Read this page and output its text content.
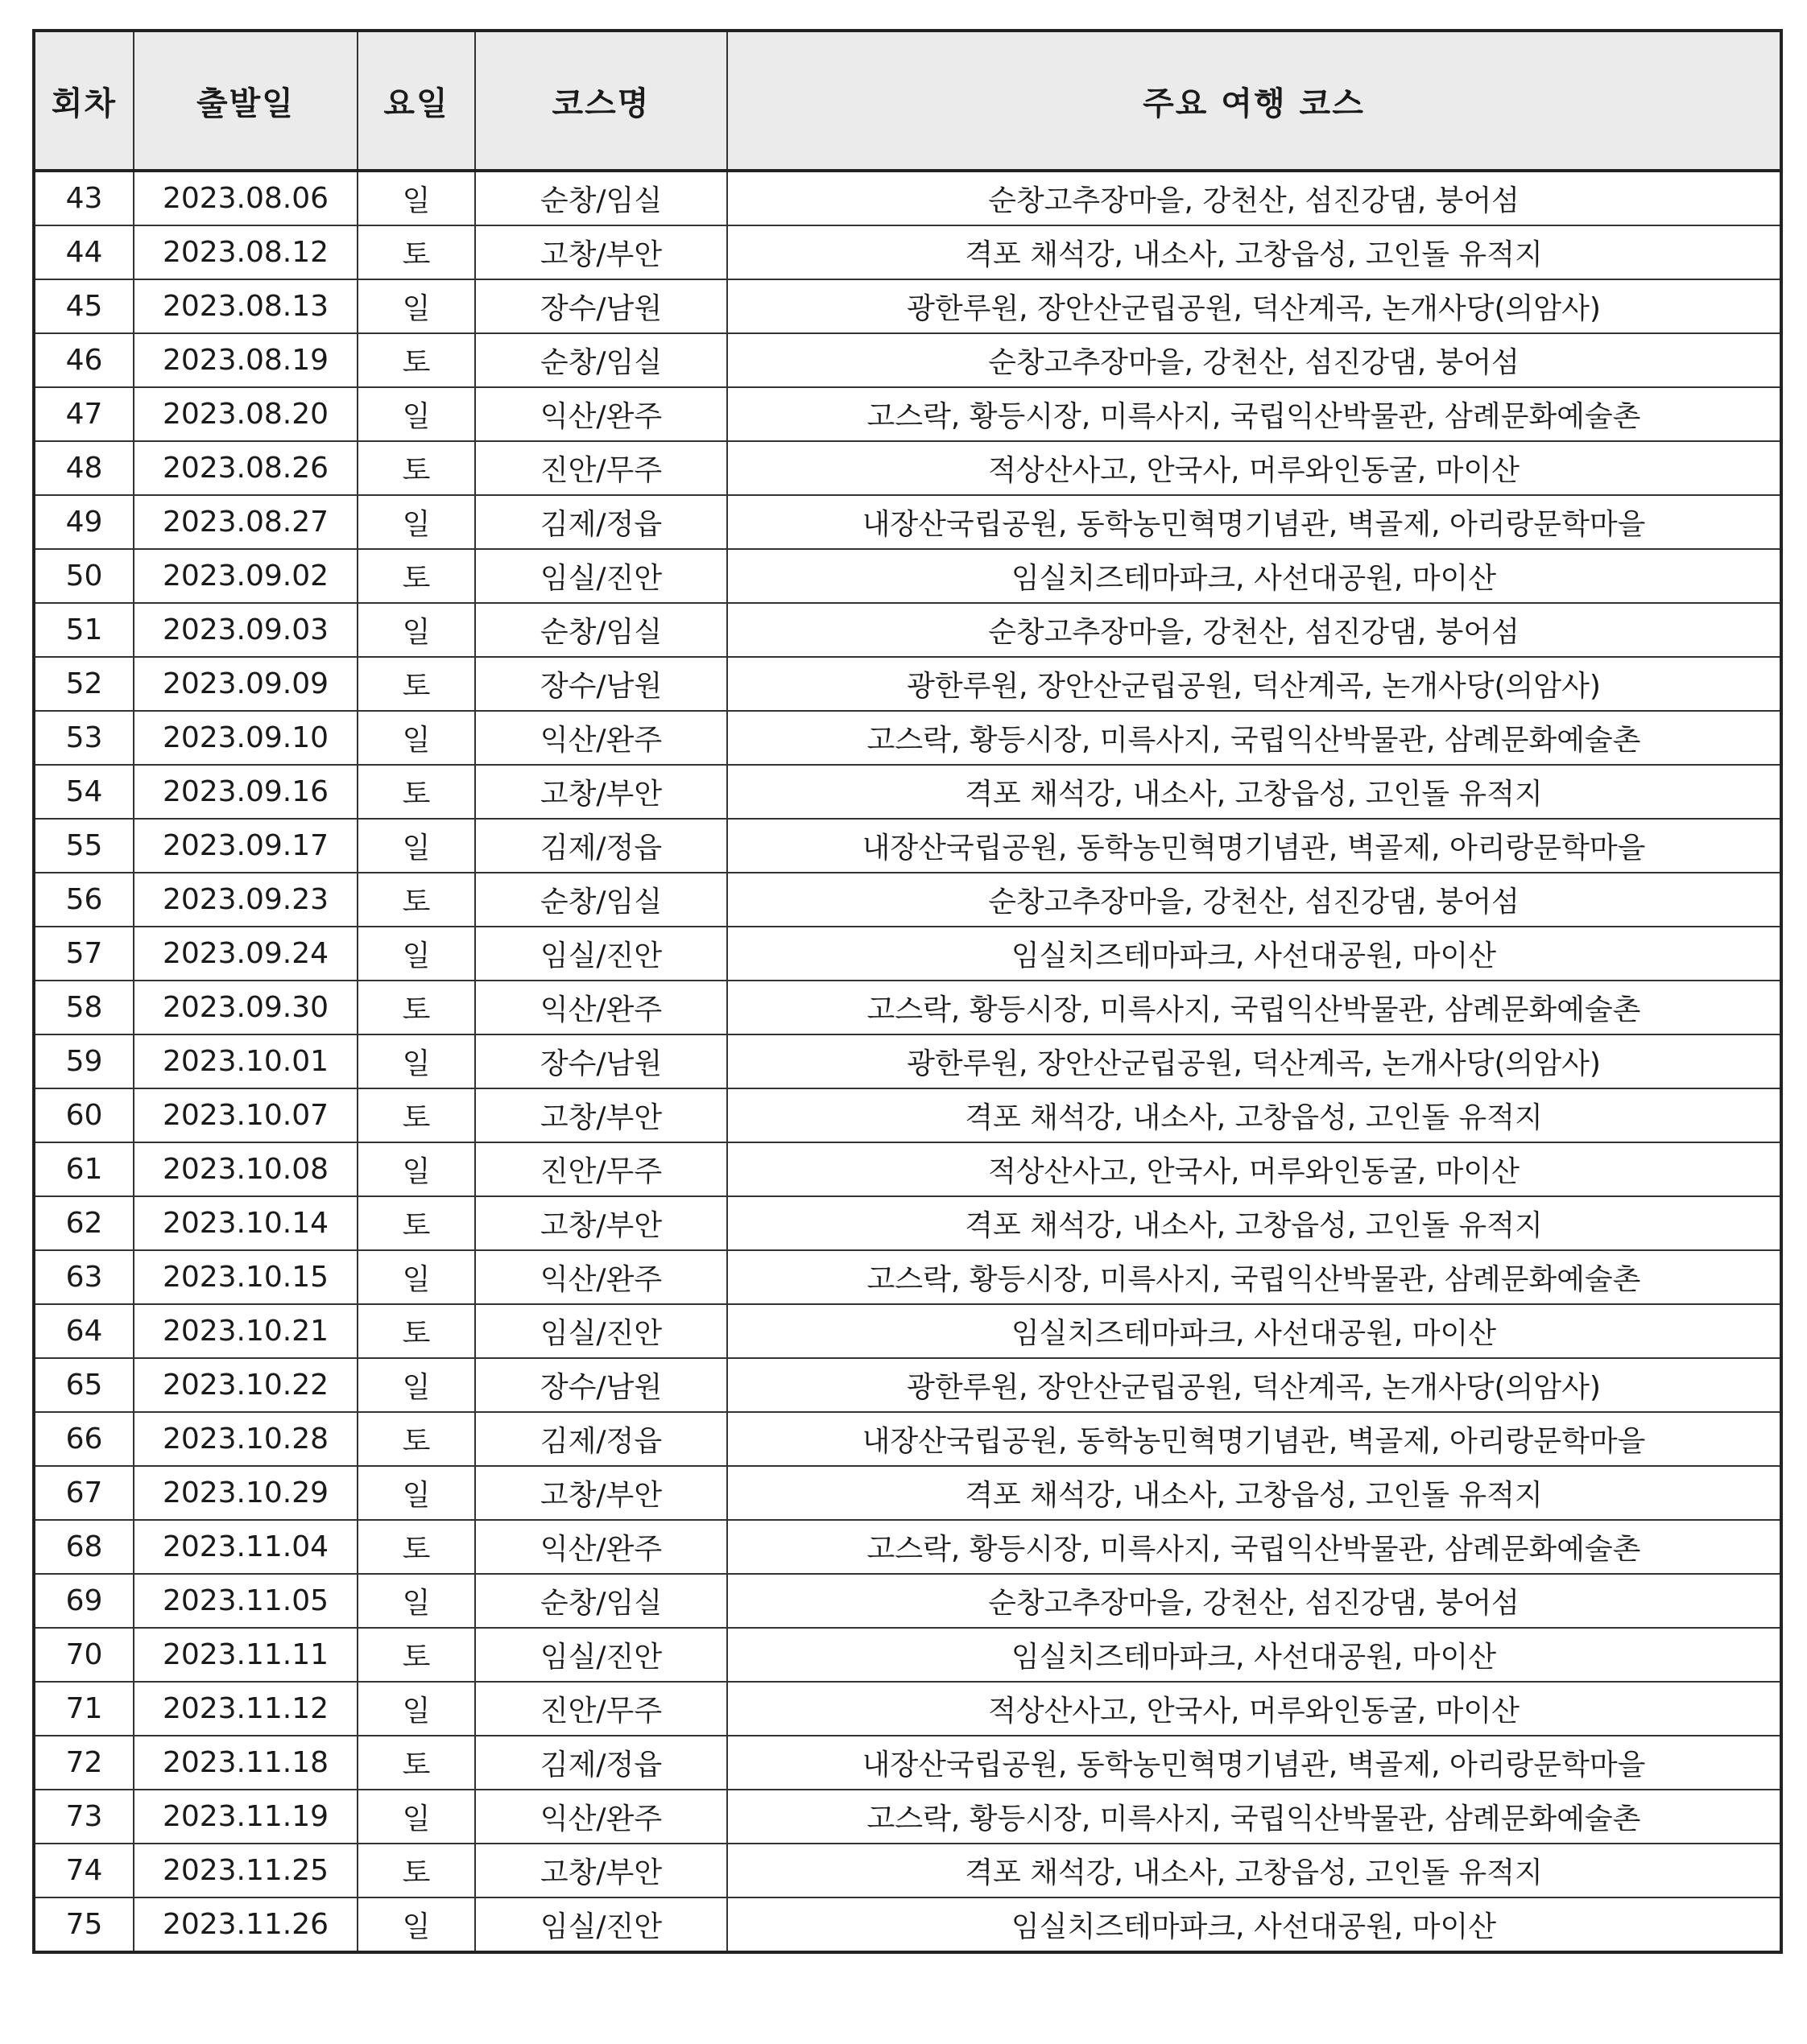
회차	출발일	요일	코스명	주요 여행 코스
43	2023.08.06	일	순창/임실	순창고추장마을, 강천산, 섬진강댐, 붕어섬
44	2023.08.12	토	고창/부안	격포 채석강, 내소사, 고창읍성, 고인돌 유적지
45	2023.08.13	일	장수/남원	광한루원, 장안산군립공원, 덕산계곡, 논개사당(의암사)
46	2023.08.19	토	순창/임실	순창고추장마을, 강천산, 섬진강댐, 붕어섬
47	2023.08.20	일	익산/완주	고스락, 황등시장, 미륵사지, 국립익산박물관, 삼례문화예술촌
48	2023.08.26	토	진안/무주	적상산사고, 안국사, 머루와인동굴, 마이산
49	2023.08.27	일	김제/정읍	내장산국립공원, 동학농민혁명기념관, 벽골제, 아리랑문학마을
50	2023.09.02	토	임실/진안	임실치즈테마파크, 사선대공원, 마이산
51	2023.09.03	일	순창/임실	순창고추장마을, 강천산, 섬진강댐, 붕어섬
52	2023.09.09	토	장수/남원	광한루원, 장안산군립공원, 덕산계곡, 논개사당(의암사)
53	2023.09.10	일	익산/완주	고스락, 황등시장, 미륵사지, 국립익산박물관, 삼례문화예술촌
54	2023.09.16	토	고창/부안	격포 채석강, 내소사, 고창읍성, 고인돌 유적지
55	2023.09.17	일	김제/정읍	내장산국립공원, 동학농민혁명기념관, 벽골제, 아리랑문학마을
56	2023.09.23	토	순창/임실	순창고추장마을, 강천산, 섬진강댐, 붕어섬
57	2023.09.24	일	임실/진안	임실치즈테마파크, 사선대공원, 마이산
58	2023.09.30	토	익산/완주	고스락, 황등시장, 미륵사지, 국립익산박물관, 삼례문화예술촌
59	2023.10.01	일	장수/남원	광한루원, 장안산군립공원, 덕산계곡, 논개사당(의암사)
60	2023.10.07	토	고창/부안	격포 채석강, 내소사, 고창읍성, 고인돌 유적지
61	2023.10.08	일	진안/무주	적상산사고, 안국사, 머루와인동굴, 마이산
62	2023.10.14	토	고창/부안	격포 채석강, 내소사, 고창읍성, 고인돌 유적지
63	2023.10.15	일	익산/완주	고스락, 황등시장, 미륵사지, 국립익산박물관, 삼례문화예술촌
64	2023.10.21	토	임실/진안	임실치즈테마파크, 사선대공원, 마이산
65	2023.10.22	일	장수/남원	광한루원, 장안산군립공원, 덕산계곡, 논개사당(의암사)
66	2023.10.28	토	김제/정읍	내장산국립공원, 동학농민혁명기념관, 벽골제, 아리랑문학마을
67	2023.10.29	일	고창/부안	격포 채석강, 내소사, 고창읍성, 고인돌 유적지
68	2023.11.04	토	익산/완주	고스락, 황등시장, 미륵사지, 국립익산박물관, 삼례문화예술촌
69	2023.11.05	일	순창/임실	순창고추장마을, 강천산, 섬진강댐, 붕어섬
70	2023.11.11	토	임실/진안	임실치즈테마파크, 사선대공원, 마이산
71	2023.11.12	일	진안/무주	적상산사고, 안국사, 머루와인동굴, 마이산
72	2023.11.18	토	김제/정읍	내장산국립공원, 동학농민혁명기념관, 벽골제, 아리랑문학마을
73	2023.11.19	일	익산/완주	고스락, 황등시장, 미륵사지, 국립익산박물관, 삼례문화예술촌
74	2023.11.25	토	고창/부안	격포 채석강, 내소사, 고창읍성, 고인돌 유적지
75	2023.11.26	일	임실/진안	임실치즈테마파크, 사선대공원, 마이산
